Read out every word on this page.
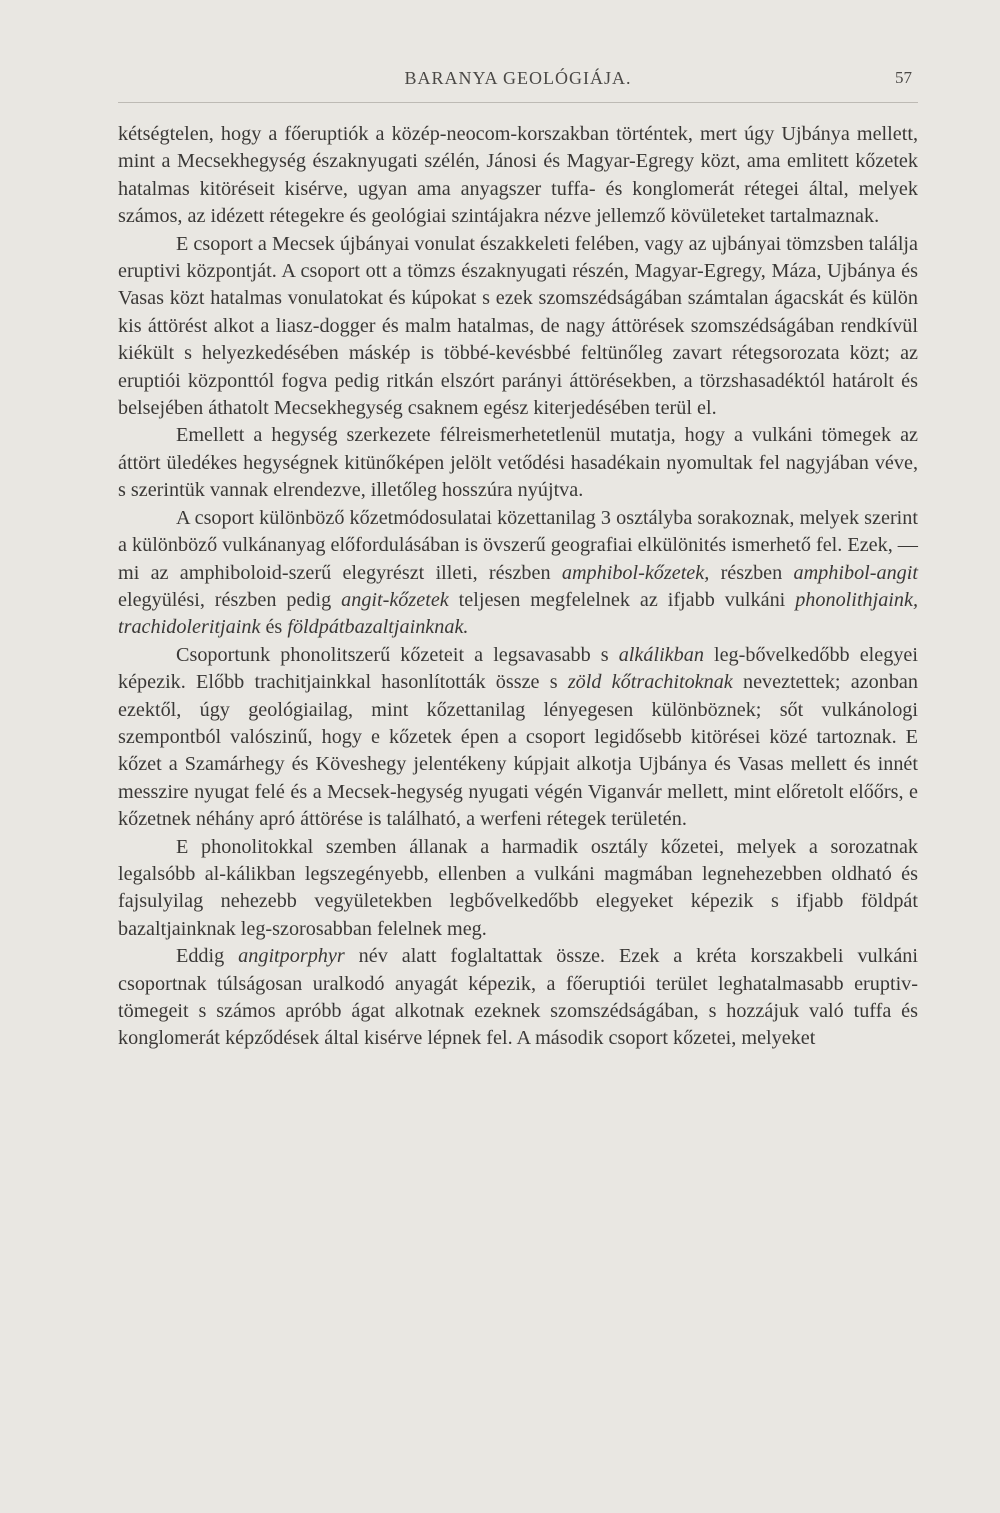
BARANYA GEOLÓGIÁJA.	57

kétségtelen, hogy a főeruptiók a közép-neocom-korszakban történtek, mert úgy Ujbánya mellett, mint a Mecsekhegység északnyugati szélén, Jánosi és Magyar-Egregy közt, ama emlitett kőzetek hatalmas kitöréseit kisérve, ugyan ama anyagszer tuffa- és konglomerát rétegei által, melyek számos, az idézett rétegekre és geológiai szintájakra nézve jellemző kövületeket tartalmaznak.

E csoport a Mecsek újbányai vonulat északkeleti felében, vagy az ujbányai tömzsben találja eruptivi központját. A csoport ott a tömzs északnyugati részén, Magyar-Egregy, Máza, Ujbánya és Vasas közt hatalmas vonulatokat és kúpokat s ezek szomszédságában számtalan ágacskát és külön kis áttörést alkot a liasz-dogger és malm hatalmas, de nagy áttörések szomszédságában rendkívül kiékült s helyezkedésében máskép is többé-kevésbbé feltünőleg zavart rétegsorozata közt; az eruptiói központtól fogva pedig ritkán elszórt parányi áttörésekben, a törzshasadéktól határolt és belsejében áthatolt Mecsekhegység csaknem egész kiterjedésében terül el.

Emellett a hegység szerkezete félreismerhetetlenül mutatja, hogy a vulkáni tömegek az áttört üledékes hegységnek kitünőképen jelölt vetődési hasadékain nyomultak fel nagyjában véve, s szerintük vannak elrendezve, illetőleg hosszúra nyújtva.

A csoport különböző kőzetmódosulatai közettanilag 3 osztályba sorakoznak, melyek szerint a különböző vulkánanyag előfordulásában is övszerű geografiai elkülönités ismerhető fel. Ezek, — mi az amphiboloid-szerű elegyrészt illeti, részben amphibol-kőzetek, részben amphibol-angit elegyülési, részben pedig angit-kőzetek teljesen megfelelnek az ifjabb vulkáni phonolithjaink, trachidoleritjaink és földpátbazaltjainknak.

Csoportunk phonolitszerű kőzeteit a legsavasabb s alkálikban leg-bővelkedőbb elegyei képezik. Előbb trachitjainkkal hasonlították össze s zöld kőtrachitoknak neveztettek; azonban ezektől, úgy geológiailag, mint kőzettanilag lényegesen különböznek; sőt vulkánologi szempontból valószinű, hogy e kőzetek épen a csoport legidősebb kitörései közé tartoznak. E kőzet a Szamárhegy és Köveshegy jelentékeny kúpjait alkotja Ujbánya és Vasas mellett és innét messzire nyugat felé és a Mecsek-hegység nyugati végén Viganvár mellett, mint előretolt előőrs, e kőzetnek néhány apró áttörése is található, a werfeni rétegek területén.

E phonolitokkal szemben állanak a harmadik osztály kőzetei, melyek a sorozatnak legalsóbb al-kálikban legszegényebb, ellenben a vulkáni magmában legnehezebben oldható és fajsulyilag nehezebb vegyületekben legbővelkedőbb elegyeket képezik s ifjabb földpát bazaltjainknak leg-szorosabban felelnek meg.

Eddig angitporphyr név alatt foglaltattak össze. Ezek a kréta korszakbeli vulkáni csoportnak túlságosan uralkodó anyagát képezik, a főeruptiói terület leghatalmasabb eruptiv-tömegeit s számos apróbb ágat alkotnak ezeknek szomszédságában, s hozzájuk való tuffa és konglomerát képződések által kisérve lépnek fel. A második csoport kőzetei, melyeket
